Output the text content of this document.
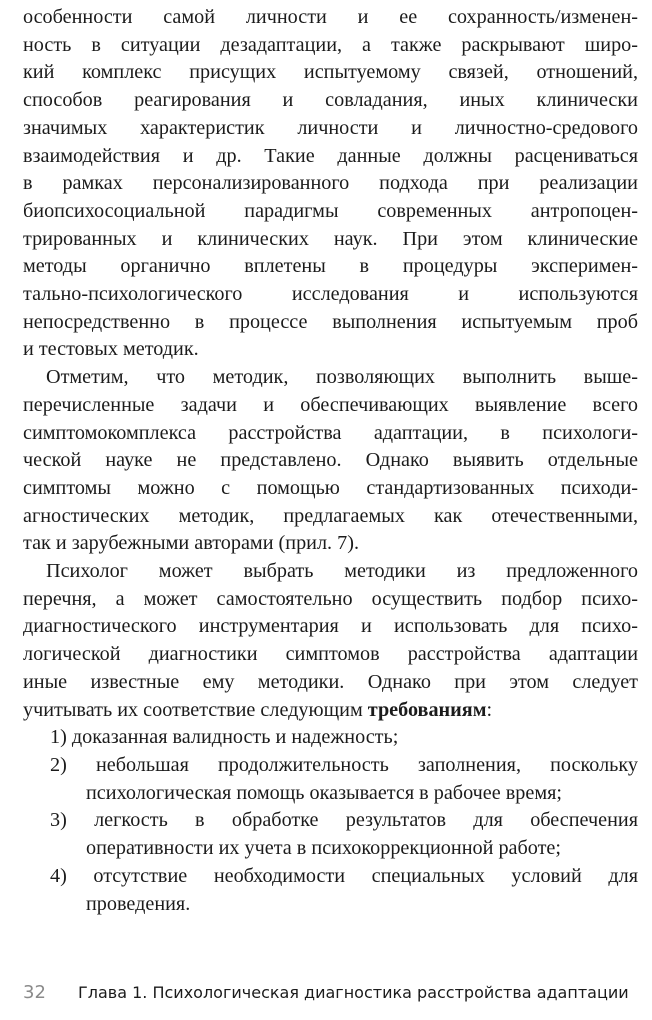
особенности самой личности и ее сохранность/изменен-
ность в ситуации дезадаптации, а также раскрывают широ-
кий комплекс присущих испытуемому связей, отношений,
способов реагирования и совладания, иных клинически
значимых характеристик личности и личностно-средового
взаимодействия и др. Такие данные должны расцениваться
в рамках персонализированного подхода при реализации
биопсихосоциальной парадигмы современных антропоцен-
трированных и клинических наук. При этом клинические
методы органично вплетены в процедуры эксперимен-
тально-психологического исследования и используются
непосредственно в процессе выполнения испытуемым проб
и тестовых методик.
Отметим, что методик, позволяющих выполнить выше-
перечисленные задачи и обеспечивающих выявление всего
симптомокомплекса расстройства адаптации, в психологи-
ческой науке не представлено. Однако выявить отдельные
симптомы можно с помощью стандартизованных психоди-
агностических методик, предлагаемых как отечественными,
так и зарубежными авторами (прил. 7).
Психолог может выбрать методики из предложенного
перечня, а может самостоятельно осуществить подбор психо-
диагностического инструментария и использовать для психо-
логической диагностики симптомов расстройства адаптации
иные известные ему методики. Однако при этом следует
учитывать их соответствие следующим требованиям:
1) доказанная валидность и надежность;
2) небольшая продолжительность заполнения, поскольку
психологическая помощь оказывается в рабочее время;
3) легкость в обработке результатов для обеспечения
оперативности их учета в психокоррекционной работе;
4) отсутствие необходимости специальных условий для
проведения.
32 Глава 1. Психологическая диагностика расстройства адаптации
